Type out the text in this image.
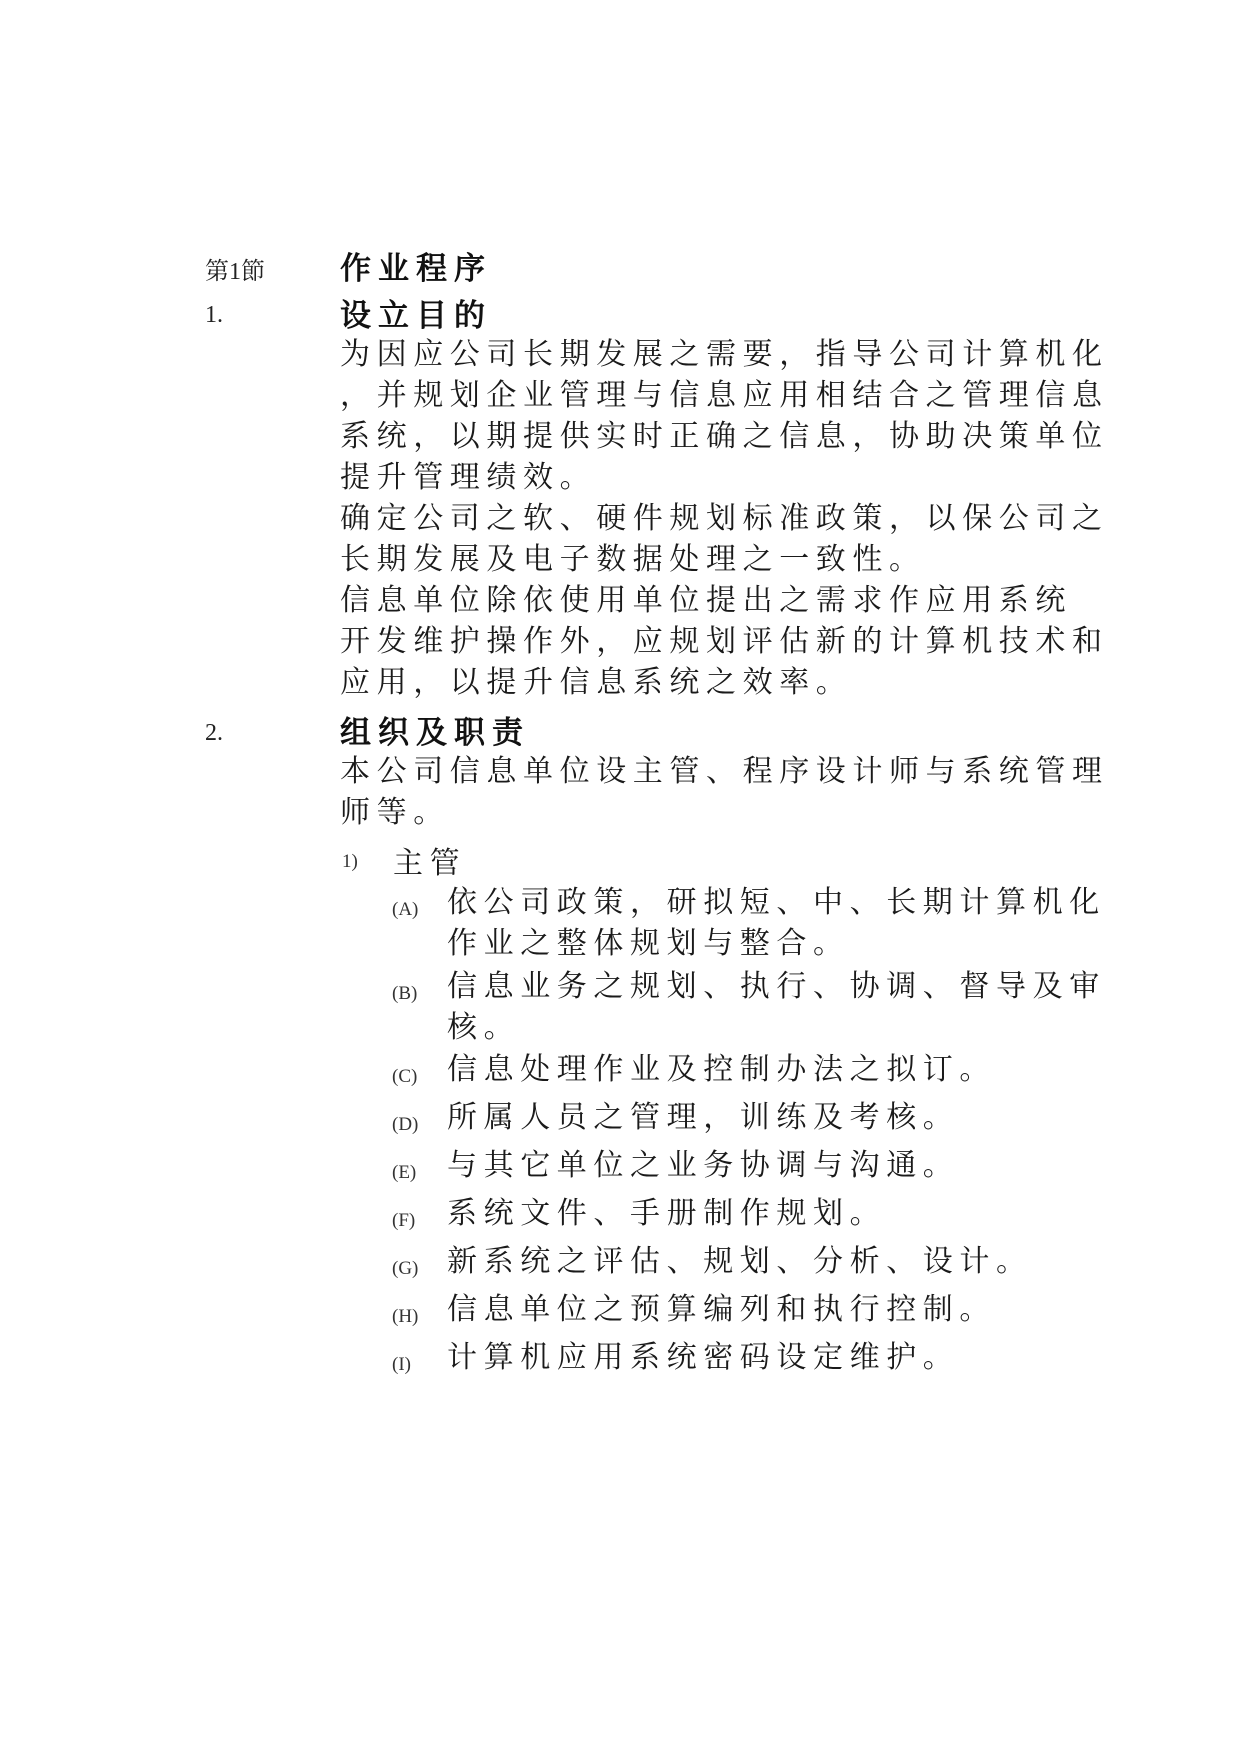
第1節 作业程序
1.	设立目的
为因应公司长期发展之需要，指导公司计算机化
，并规划企业管理与信息应用相结合之管理信息
系统，以期提供实时正确之信息，协助决策单位
提升管理绩效。
确定公司之软、硬件规划标准政策，以保公司之
长期发展及电子数据处理之一致性。
信息单位除依使用单位提出之需求作应用系统
开发维护操作外，应规划评估新的计算机技术和
应用，以提升信息系统之效率。
2.	组织及职责
本公司信息单位设主管、程序设计师与系统管理
师等。
1) 主管
(A) 依公司政策，研拟短、中、长期计算机化
作业之整体规划与整合。
(B) 信息业务之规划、执行、协调、督导及审
核。
(C) 信息处理作业及控制办法之拟订。
(D) 所属人员之管理，训练及考核。
(E) 与其它单位之业务协调与沟通。
(F) 系统文件、手册制作规划。
(G) 新系统之评估、规划、分析、设计。
(H) 信息单位之预算编列和执行控制。
(I) 计算机应用系统密码设定维护。
